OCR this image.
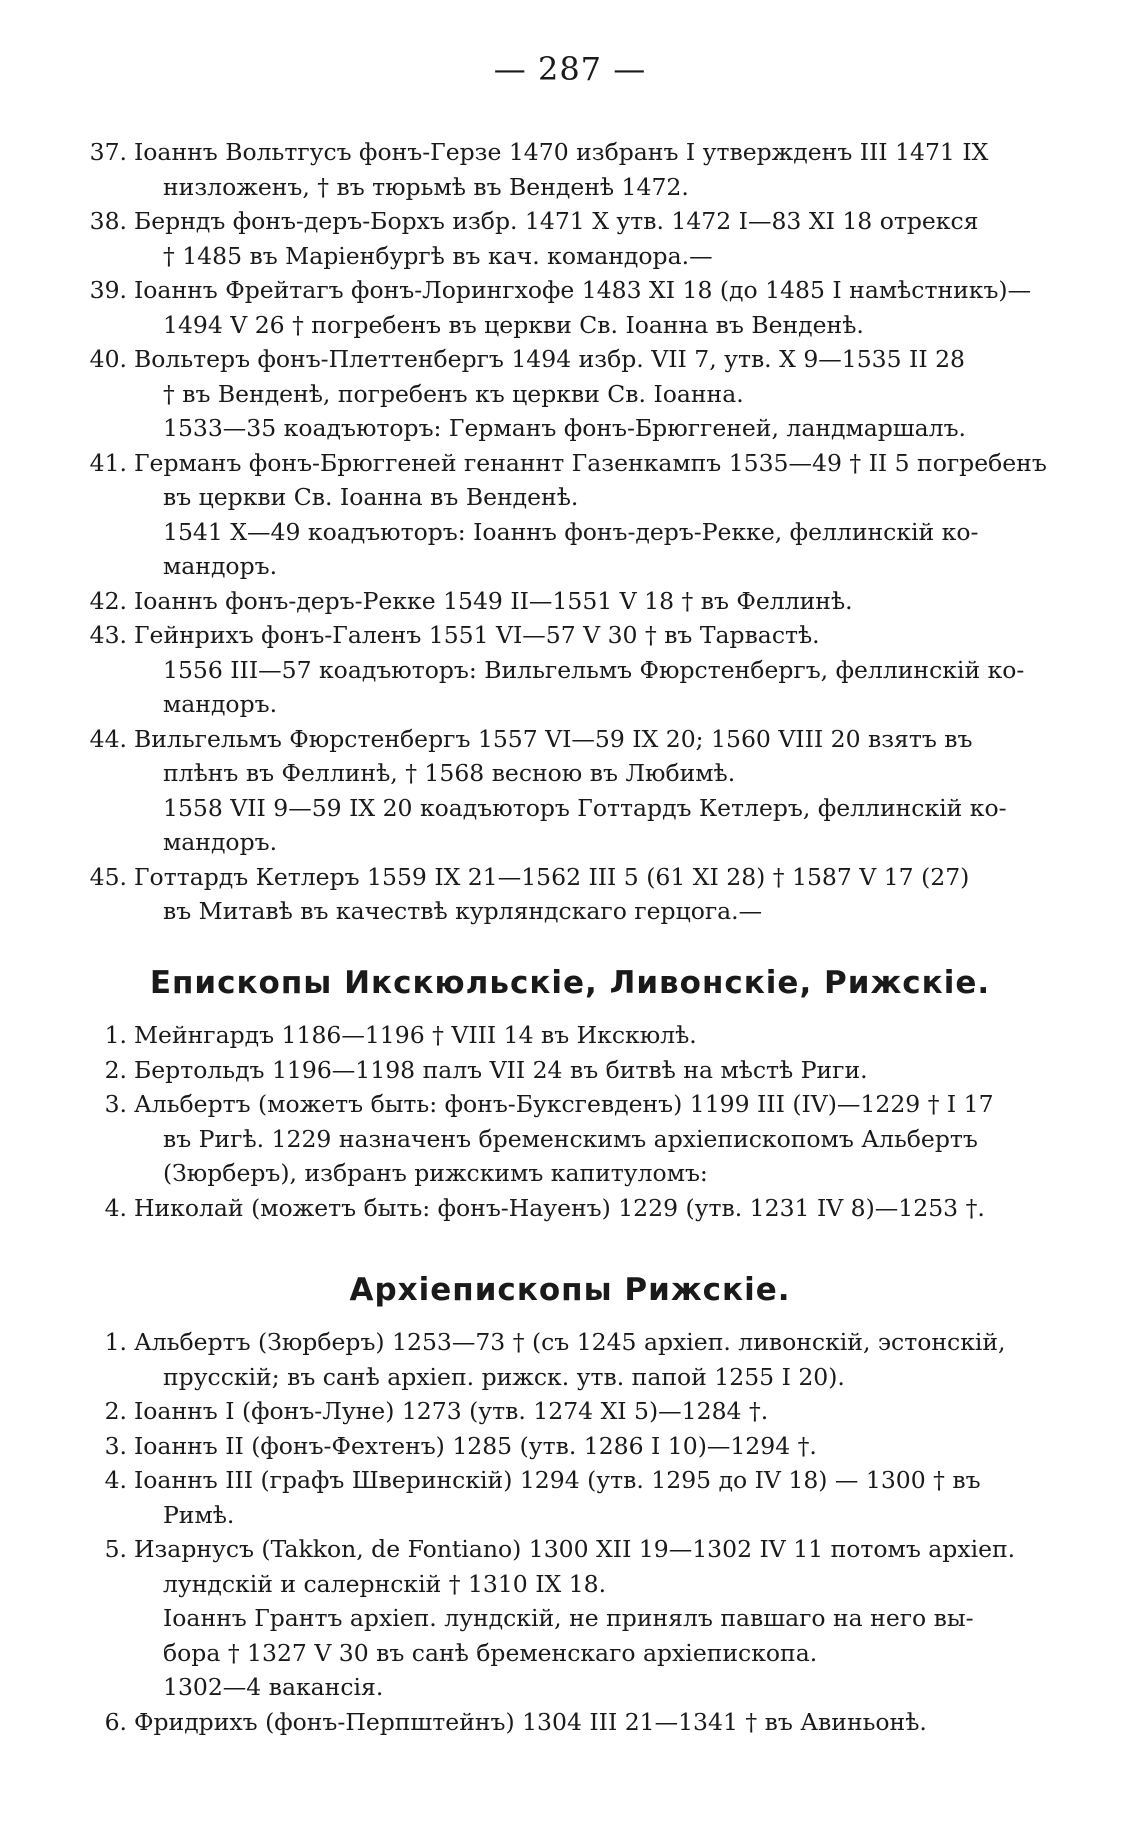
— 287 —
37. Іоаннъ Вольтгусъ фонъ-Герзе 1470 избранъ I утвержденъ III 1471 IX
низложенъ, † въ тюрьмѣ въ Венденѣ 1472.
38. Берндъ фонъ-деръ-Борхъ избр. 1471 X утв. 1472 I—83 XI 18 отрекся
† 1485 въ Маріенбургѣ въ кач. командора.—
39. Іоаннъ Фрейтагъ фонъ-Лорингхофе 1483 XI 18 (до 1485 I намѣстникъ)—
1494 V 26 † погребенъ въ церкви Св. Іоанна въ Венденѣ.
40. Вольтеръ фонъ-Плеттенбергъ 1494 избр. VII 7, утв. X 9—1535 II 28
† въ Венденѣ, погребенъ къ церкви Св. Іоанна.
1533—35 коадъюторъ: Германъ фонъ-Брюггеней, ландмаршалъ.
41. Германъ фонъ-Брюггеней генаннт Газенкампъ 1535—49 † II 5 погребенъ
въ церкви Св. Іоанна въ Венденѣ.
1541 X—49 коадъюторъ: Іоаннъ фонъ-деръ-Рекке, феллинскій ко-
мандоръ.
42. Іоаннъ фонъ-деръ-Рекке 1549 II—1551 V 18 † въ Феллинѣ.
43. Гейнрихъ фонъ-Галенъ 1551 VI—57 V 30 † въ Тарвастѣ.
1556 III—57 коадъюторъ: Вильгельмъ Фюрстенбергъ, феллинскій ко-
мандоръ.
44. Вильгельмъ Фюрстенбергъ 1557 VI—59 IX 20; 1560 VIII 20 взятъ въ
плѣнъ въ Феллинѣ, † 1568 весною въ Любимѣ.
1558 VII 9—59 IX 20 коадъюторъ Готтардъ Кетлеръ, феллинскій ко-
мандоръ.
45. Готтардъ Кетлеръ 1559 IX 21—1562 III 5 (61 XI 28) † 1587 V 17 (27)
въ Митавѣ въ качествѣ курляндскаго герцога.—
Епископы Икскюльскіе, Ливонскіе, Рижскіе.
1. Мейнгардъ 1186—1196 † VIII 14 въ Икскюлѣ.
2. Бертольдъ 1196—1198 палъ VII 24 въ битвѣ на мѣстѣ Риги.
3. Альбертъ (можетъ быть: фонъ-Буксгевденъ) 1199 III (IV)—1229 † I 17
въ Ригѣ. 1229 назначенъ бременскимъ архіепископомъ Альбертъ
(Зюрберъ), избранъ рижскимъ капитуломъ:
4. Николай (можетъ быть: фонъ-Науенъ) 1229 (утв. 1231 IV 8)—1253 †.
Архіепископы Рижскіе.
1. Альбертъ (Зюрберъ) 1253—73 † (съ 1245 архіеп. ливонскій, эстонскій,
прусскій; въ санѣ архіеп. рижск. утв. папой 1255 I 20).
2. Іоаннъ I (фонъ-Луне) 1273 (утв. 1274 XI 5)—1284 †.
3. Іоаннъ II (фонъ-Фехтенъ) 1285 (утв. 1286 I 10)—1294 †.
4. Іоаннъ III (графъ Шверинскій) 1294 (утв. 1295 до IV 18) — 1300 † въ
Римѣ.
5. Изарнусъ (Takkon, de Fontiano) 1300 XII 19—1302 IV 11 потомъ архіеп.
лундскій и салернскій † 1310 IX 18.
Іоаннъ Грантъ архіеп. лундскій, не принялъ павшаго на него вы-
бора † 1327 V 30 въ санѣ бременскаго архіепископа.
1302—4 вакансія.
6. Фридрихъ (фонъ-Перпштейнъ) 1304 III 21—1341 † въ Авиньонѣ.
